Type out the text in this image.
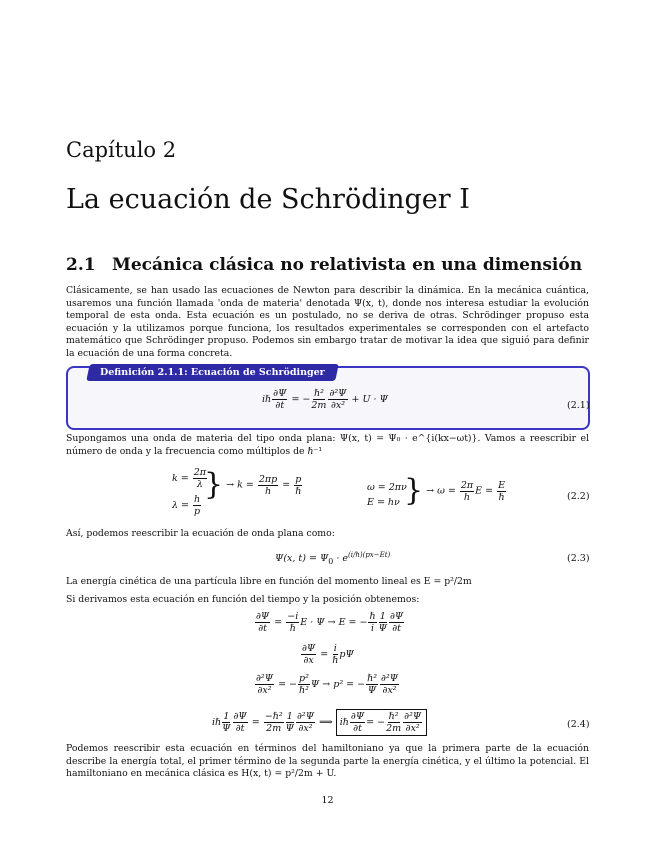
Capítulo 2
La ecuación de Schrödinger I
2.1 Mecánica clásica no relativista en una dimensión
Clásicamente, se han usado las ecuaciones de Newton para describir la dinámica. En la mecánica cuántica, usaremos una función llamada 'onda de materia' denotada Ψ(x, t), donde nos interesa estudiar la evolución temporal de esta onda. Esta ecuación es un postulado, no se deriva de otras. Schrödinger propuso esta ecuación y la utilizamos porque funciona, los resultados experimentales se corresponden con el artefacto matemático que Schrödinger propuso. Podemos sin embargo tratar de motivar la idea que siguió para definir la ecuación de una forma concreta.
Definición 2.1.1: Ecuación de Schrödinger
iℏ $\frac{\partial\Psi}{\partial t}$ = − $\frac{\text{ℏ²}}{2m} \frac{\text{∂²Ψ}}{\text{∂x²}} + U \cdot \Psi$
(2.1)
Supongamos una onda de materia del tipo onda plana: Ψ(x, t) = Ψ₀ · e^{i(kx−ωt)}. Vamos a reescribir el número de onda y la frecuencia como múltiplos de ℏ⁻¹
$k = \frac{2\pi}{\lambda}$
$\lambda = \frac{h}{p}$
} → $k = \frac{2\pi p}{h} = \frac{p}{\text{ℏ}}$	ω = 2πν
E = hν } → $\omega = \frac{2\pi}{h}$ $E = \frac{E}{\text{ℏ}}$	(2.2)
Así, podemos reescribir la ecuación de onda plana como:
Ψ(x, $t) = \Psi_0 \cdot e^{(i/\hbar)(px-Et)}$	(2.3)
La energía cinética de una partícula libre en función del momento lineal es E = p²/2m
Si derivamos esta ecuación en función del tiempo y la posición obtenemos:
$\frac{\partial\Psi}{\partial t} = \frac{-i}{\text{ℏ}}$ E · Ψ → E = − $\frac{\text{ℏ}}{i} \frac{1}{\Psi} \frac{\partial\Psi}{\partial t}$
$\frac{\partial\Psi}{\partial x} = \frac{i}{\text{ℏ}}$ pΨ
$\frac{\text{∂²Ψ}}{\text{∂x²}}$ = − $\frac{\text{p²}}{\text{ℏ²}}$ Ψ → p² = − $\frac{\text{ℏ²}}{\Psi} \frac{\text{∂²Ψ}}{\text{∂x²}}$
iℏ $\frac{1}{\Psi} \frac{\partial\Psi}{\partial t} = \frac{\text{−ℏ²}}{2m} \frac{1}{\Psi} \frac{\text{∂²Ψ}}{\text{∂x²}}$ ⟹ iℏ $\frac{\partial\Psi}{\partial t}$ = − $\frac{\text{ℏ²}}{2m} \frac{\text{∂²Ψ}}{\text{∂x²}}$	(2.4)
Podemos reescribir esta ecuación en términos del hamiltoniano ya que la primera parte de la ecuación describe la energía total, el primer término de la segunda parte la energía cinética, y el último la potencial. El hamiltoniano en mecánica clásica es H(x, t) = p²/2m + U.
12
